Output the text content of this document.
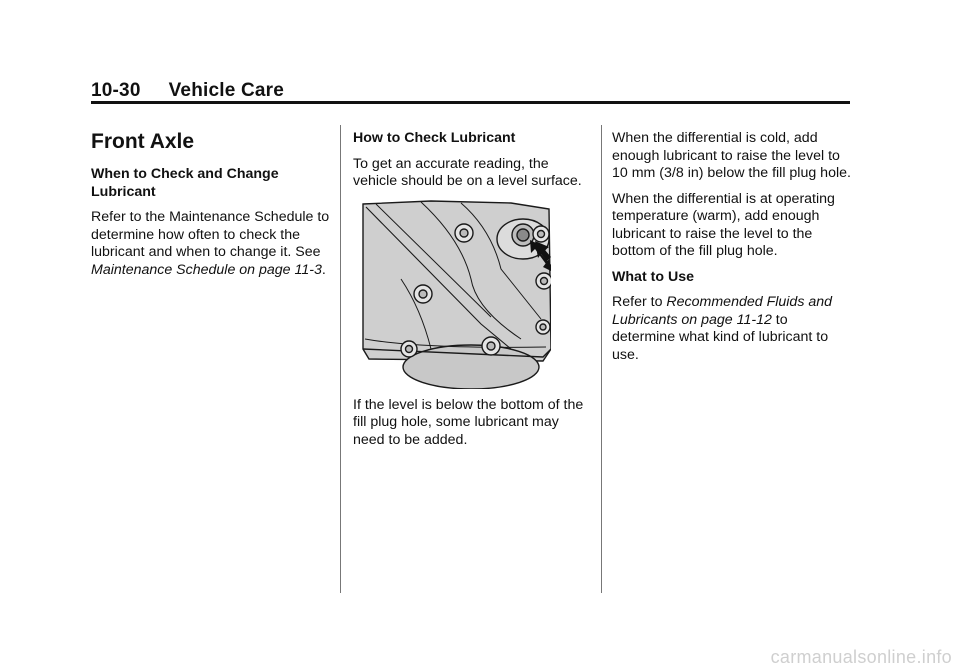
10-30 Vehicle Care
Front Axle

When to Check and Change Lubricant

Refer to the Maintenance Schedule to determine how often to check the lubricant and when to change it. See Maintenance Schedule on page 11-3.

How to Check Lubricant

To get an accurate reading, the vehicle should be on a level surface.

If the level is below the bottom of the fill plug hole, some lubricant may need to be added.

When the differential is cold, add enough lubricant to raise the level to 10 mm (3/8 in) below the fill plug hole.

When the differential is at operating temperature (warm), add enough lubricant to raise the level to the bottom of the fill plug hole.

What to Use

Refer to Recommended Fluids and Lubricants on page 11-12 to determine what kind of lubricant to use.

carmanualsonline.info
